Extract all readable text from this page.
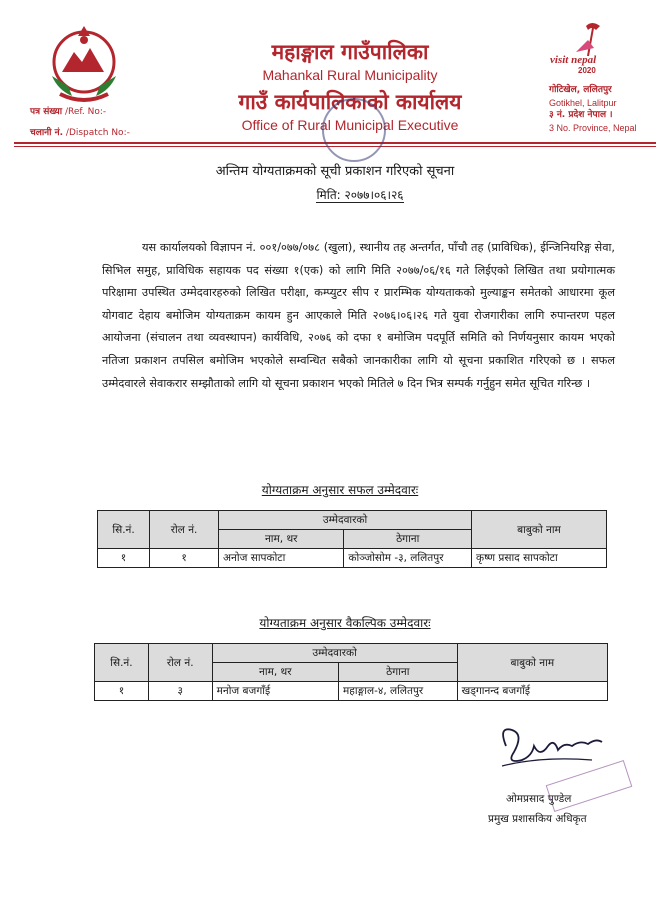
महाङ्गाल गाउँपालिका
Mahankal Rural Municipality
गाउँ कार्यपालिकाको कार्यालय
Office of Rural Municipal Executive
पत्र संख्या /Ref. No:-
चलानी नं. /Dispatch No:-
visit nepal
2020
गोटिखेल, ललितपुर
Gotikhel, Lalitpur
३ नं. प्रदेश नेपाल ।
3 No. Province, Nepal
अन्तिम योग्यताक्रमको सूची प्रकाशन गरिएको सूचना
मिति: २०७७।०६।२६
यस कार्यालयको विज्ञापन नं. ००१/०७७/०७८ (खुला), स्थानीय तह अन्तर्गत, पाँचौ तह (प्राविधिक), ईन्जिनियरिङ्ग सेवा, सिभिल समुह, प्राविधिक सहायक पद संख्या १(एक) को लागि मिति २०७७/०६/१६ गते लिईएको लिखित तथा प्रयोगात्मक परिक्षामा उपस्थित उम्मेदवारहरुको लिखित परीक्षा, कम्प्युटर सीप र प्रारम्भिक योग्यताकको मुल्याङ्कन समेतको आधारमा कूल योगवाट देहाय बमोजिम योग्यताक्रम कायम हुन आएकाले मिति २०७६।०६।२६ गते युवा रोजगारीका लागि रुपान्तरण पहल आयोजना (संचालन तथा व्यवस्थापन) कार्यविधि, २०७६ को दफा १ बमोजिम पदपूर्ति समिति को निर्णयनुसार कायम भएको नतिजा प्रकाशन तपसिल बमोजिम भएकोले सम्वन्धित सबैको जानकारीका लागि यो सूचना प्रकाशित गरिएको छ । सफल उम्मेदवारले सेवाकरार सम्झौताको लागि यो सूचना प्रकाशन भएको मितिले ७ दिन भित्र सम्पर्क गर्नुहुन समेत सूचित गरिन्छ ।
योग्यताक्रम अनुसार सफल उम्मेदवारः
सि.नं.	रोल नं.	उम्मेदवारको		बाबुको नाम
		नाम, थर	ठेगाना	
१	१	अनोज सापकोटा	कोञ्जोसोम -३, ललितपुर	कृष्ण प्रसाद सापकोटा
योग्यताक्रम अनुसार वैकल्पिक उम्मेदवारः
सि.नं.	रोल नं.	उम्मेदवारको		बाबुको नाम
		नाम, थर	ठेगाना	
१	३	मनोज बजगाँई	महाङ्गाल-४, ललितपुर	खड्‌गानन्द बजगाँई
ओमप्रसाद पुण्डेल
प्रमुख प्रशासकिय अधिकृत
